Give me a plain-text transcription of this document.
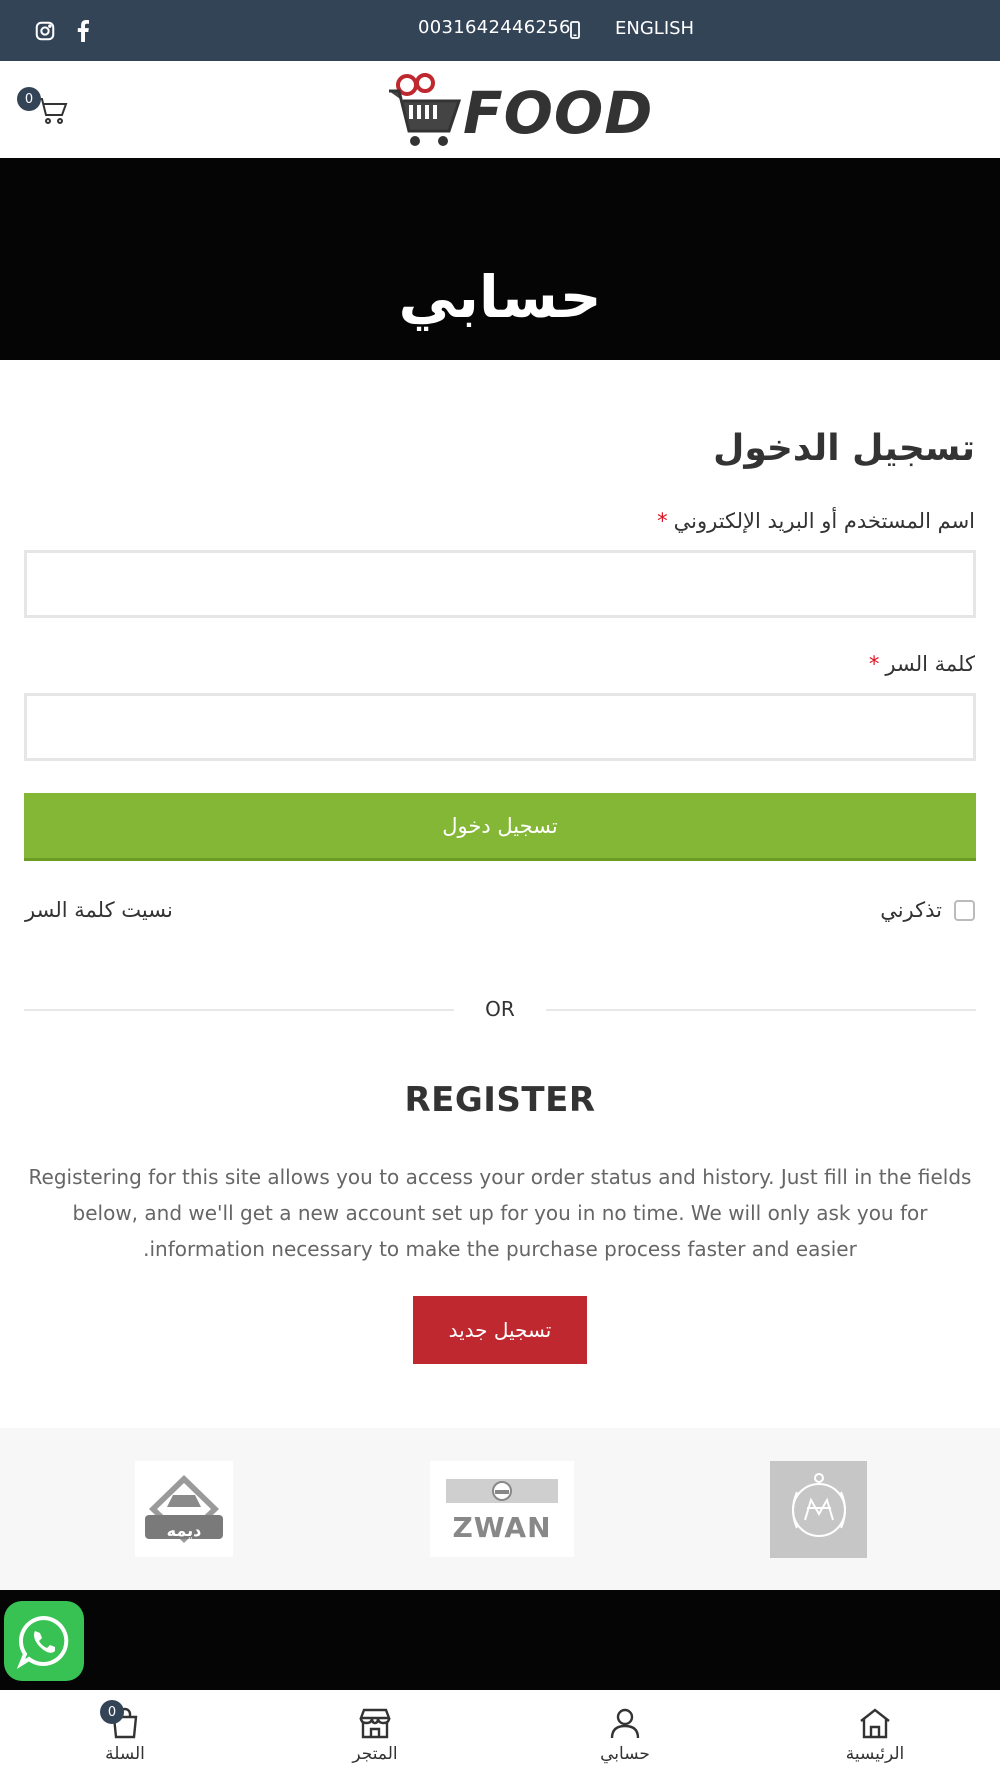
0031642446256 ENGLISH
0	FOOD
حسابي
تسجيل الدخول
اسم المستخدم أو البريد الإلكتروني*
كلمة السر*
تسجيل دخول
تذكرني
نسيت كلمة السر
OR
REGISTER

Registering for this site allows you to access your order status and history. Just fill in the fields below, and we'll get a new account set up for you in no time. We will only ask you for information necessary to make the purchase process faster and easier.

تسجيل جديد
ديمه	ZWAN
0
السلة	المتجر	حسابي	الرئيسية
